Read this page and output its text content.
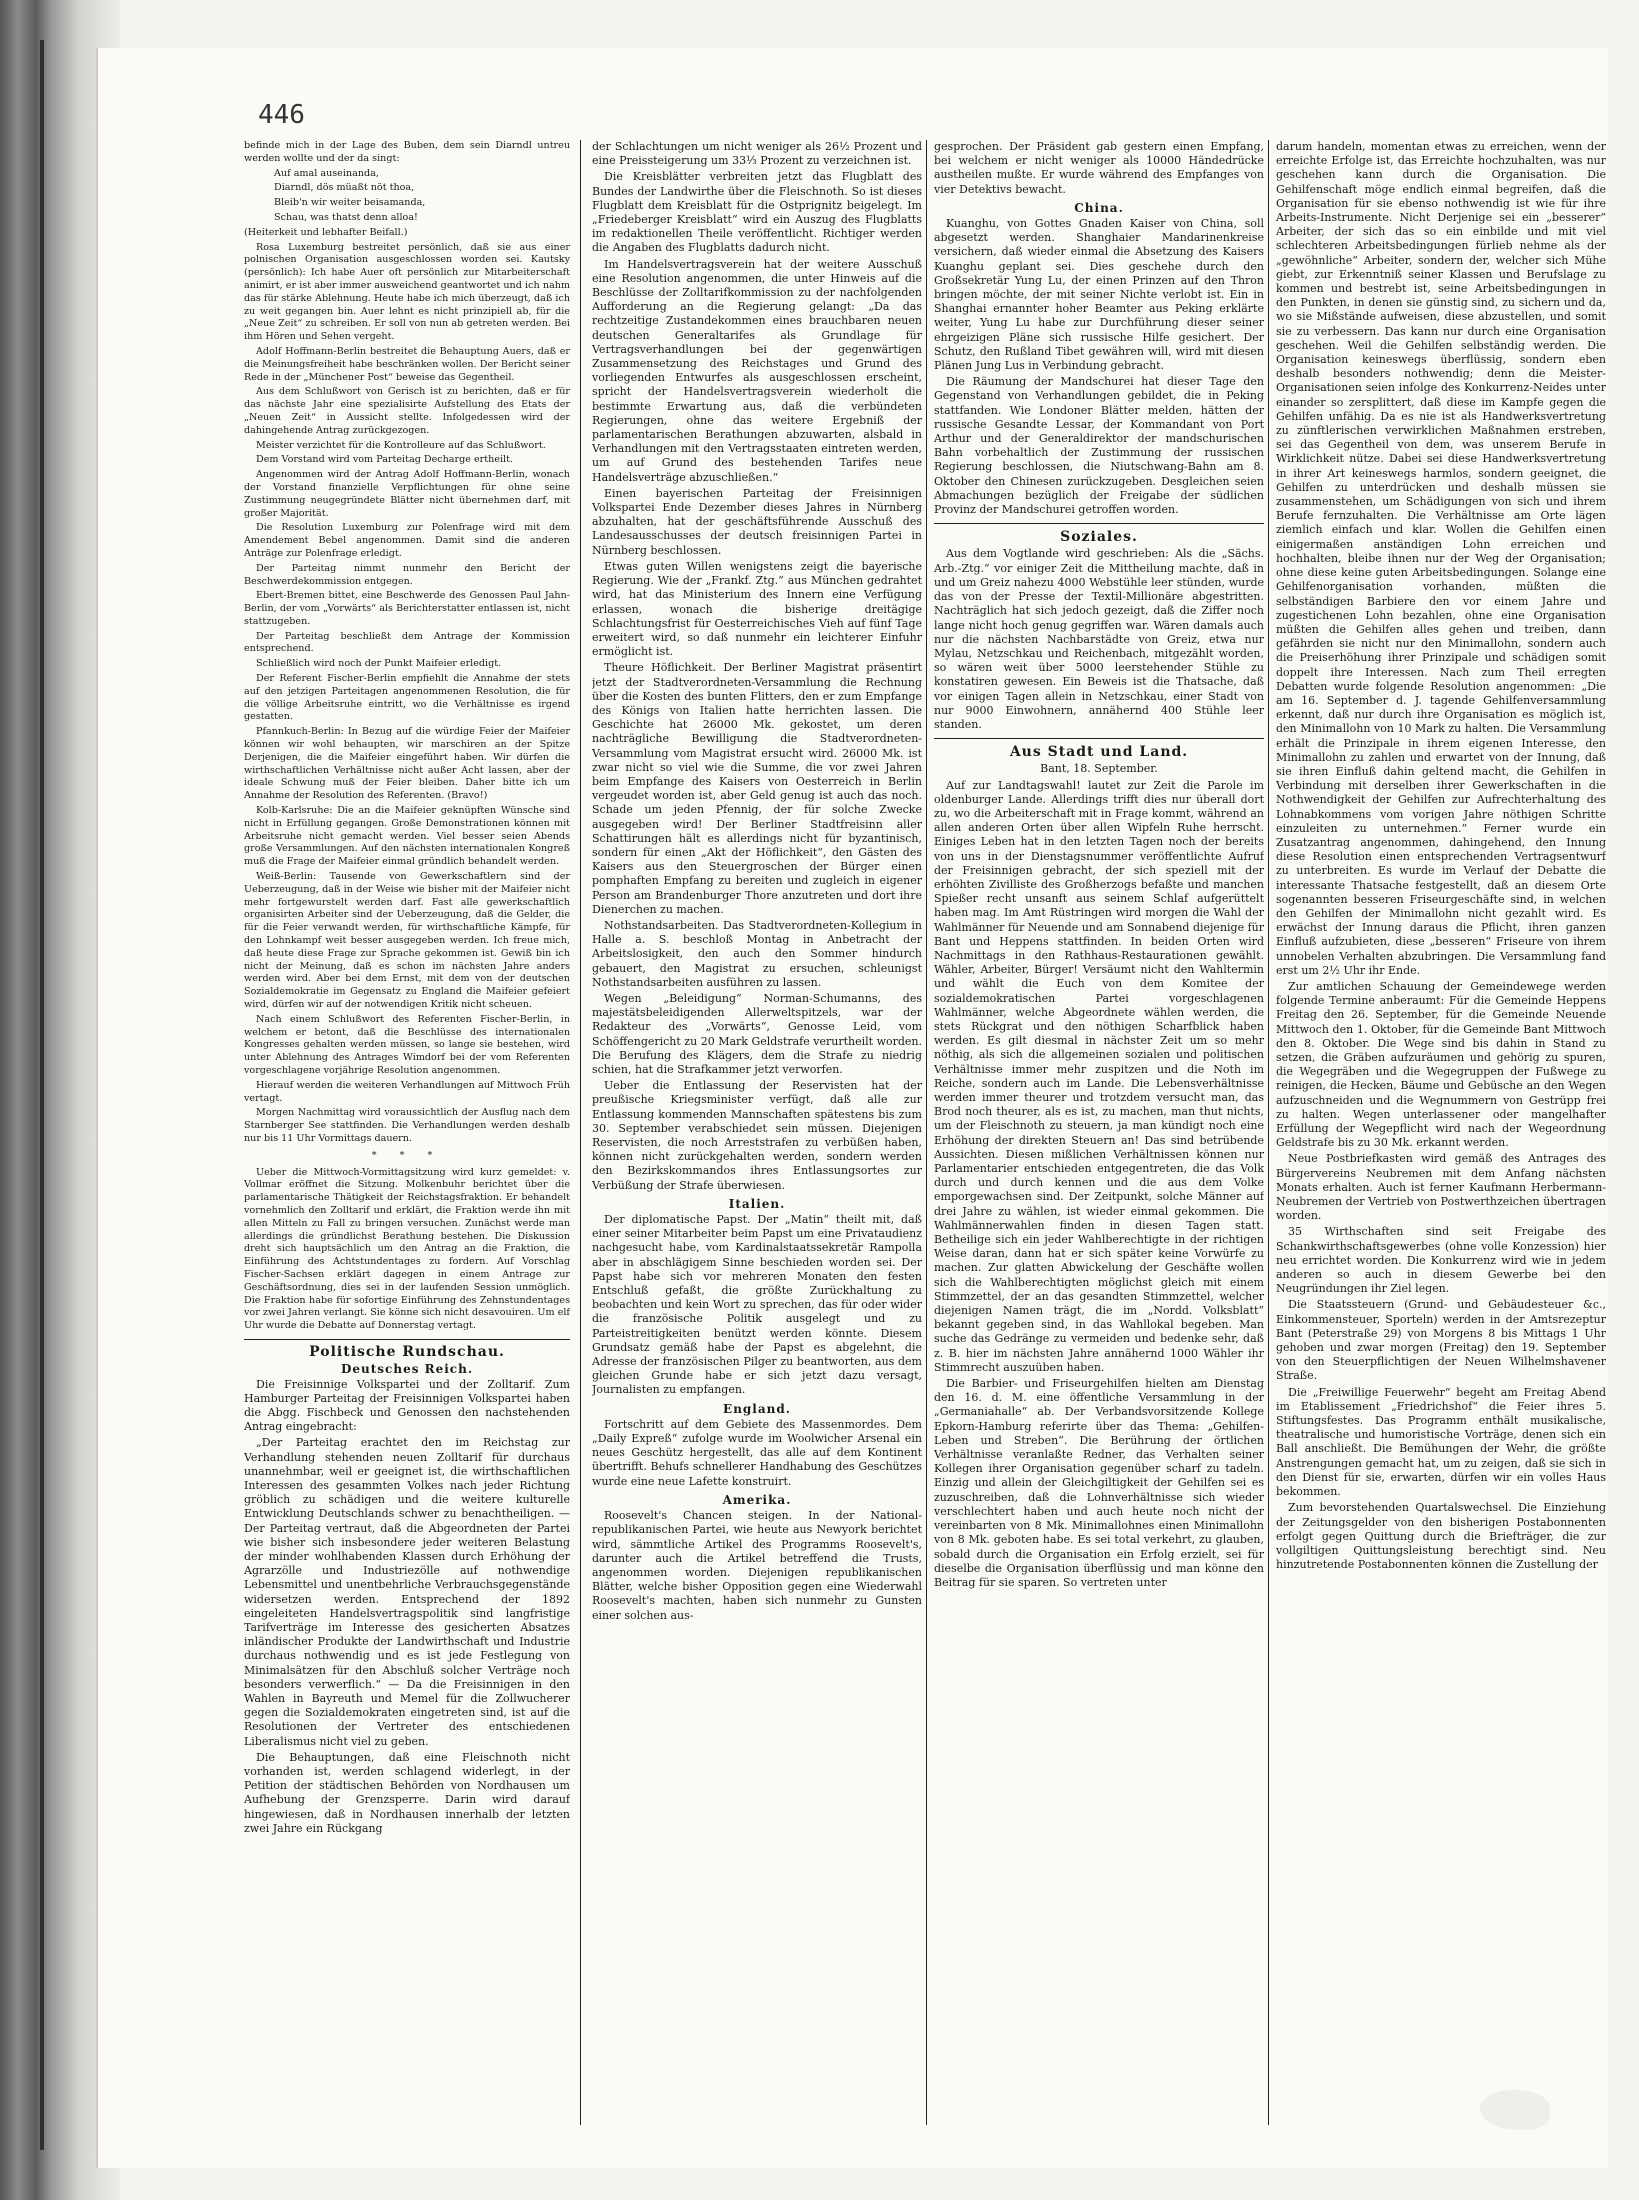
446

befinde mich in der Lage des Buben, dem sein Diarndl untreu werden wollte und der da singt:

Auf amal auseinanda,

Diarndl, dös müaßt nöt thoa,

Bleib'n wir weiter beisamanda,

Schau, was thatst denn alloa!

(Heiterkeit und lebhafter Beifall.)

Rosa Luxemburg bestreitet persönlich, daß sie aus einer polnischen Organisation ausgeschlossen worden sei. Kautsky (persönlich): Ich habe Auer oft persönlich zur Mitarbeiterschaft animirt, er ist aber immer ausweichend geantwortet und ich nahm das für stärke Ablehnung. Heute habe ich mich überzeugt, daß ich zu weit gegangen bin. Auer lehnt es nicht prinzipiell ab, für die „Neue Zeit“ zu schreiben. Er soll von nun ab getreten werden. Bei ihm Hören und Sehen vergeht.

Adolf Hoffmann-Berlin bestreitet die Behauptung Auers, daß er die Meinungsfreiheit habe beschränken wollen. Der Bericht seiner Rede in der „Münchener Post“ beweise das Gegentheil.

Aus dem Schlußwort von Gerisch ist zu berichten, daß er für das nächste Jahr eine spezialisirte Aufstellung des Etats der „Neuen Zeit“ in Aussicht stellte. Infolgedessen wird der dahingehende Antrag zurückgezogen.

Meister verzichtet für die Kontrolleure auf das Schlußwort.

Dem Vorstand wird vom Parteitag Decharge ertheilt.

Angenommen wird der Antrag Adolf Hoffmann-Berlin, wonach der Vorstand finanzielle Verpflichtungen für ohne seine Zustimmung neugegründete Blätter nicht übernehmen darf, mit großer Majorität.

Die Resolution Luxemburg zur Polenfrage wird mit dem Amendement Bebel angenommen. Damit sind die anderen Anträge zur Polenfrage erledigt.

Der Parteitag nimmt nunmehr den Bericht der Beschwerdekommission entgegen.

Ebert-Bremen bittet, eine Beschwerde des Genossen Paul Jahn-Berlin, der vom „Vorwärts“ als Berichterstatter entlassen ist, nicht stattzugeben.

Der Parteitag beschließt dem Antrage der Kommission entsprechend.

Schließlich wird noch der Punkt Maifeier erledigt.

Der Referent Fischer-Berlin empfiehlt die Annahme der stets auf den jetzigen Parteitagen angenommenen Resolution, die für die völlige Arbeitsruhe eintritt, wo die Verhältnisse es irgend gestatten.

Pfannkuch-Berlin: In Bezug auf die würdige Feier der Maifeier können wir wohl behaupten, wir marschiren an der Spitze Derjenigen, die die Maifeier eingeführt haben. Wir dürfen die wirthschaftlichen Verhältnisse nicht außer Acht lassen, aber der ideale Schwung muß der Feier bleiben. Daher bitte ich um Annahme der Resolution des Referenten. (Bravo!)

Kolb-Karlsruhe: Die an die Maifeier geknüpften Wünsche sind nicht in Erfüllung gegangen. Große Demonstrationen können mit Arbeitsruhe nicht gemacht werden. Viel besser seien Abends große Versammlungen. Auf den nächsten internationalen Kongreß muß die Frage der Maifeier einmal gründlich behandelt werden.

Weiß-Berlin: Tausende von Gewerkschaftlern sind der Ueberzeugung, daß in der Weise wie bisher mit der Maifeier nicht mehr fortgewurstelt werden darf. Fast alle gewerkschaftlich organisirten Arbeiter sind der Ueberzeugung, daß die Gelder, die für die Feier verwandt werden, für wirthschaftliche Kämpfe, für den Lohnkampf weit besser ausgegeben werden. Ich freue mich, daß heute diese Frage zur Sprache gekommen ist. Gewiß bin ich nicht der Meinung, daß es schon im nächsten Jahre anders werden wird. Aber bei dem Ernst, mit dem von der deutschen Sozialdemokratie im Gegensatz zu England die Maifeier gefeiert wird, dürfen wir auf der notwendigen Kritik nicht scheuen.

Nach einem Schlußwort des Referenten Fischer-Berlin, in welchem er betont, daß die Beschlüsse des internationalen Kongresses gehalten werden müssen, so lange sie bestehen, wird unter Ablehnung des Antrages Wimdorf bei der vom Referenten vorgeschlagene vorjährige Resolution angenommen.

Hierauf werden die weiteren Verhandlungen auf Mittwoch Früh vertagt.

Morgen Nachmittag wird voraussichtlich der Ausflug nach dem Starnberger See stattfinden. Die Verhandlungen werden deshalb nur bis 11 Uhr Vormittags dauern.

* * *

Ueber die Mittwoch-Vormittagsitzung wird kurz gemeldet: v. Vollmar eröffnet die Sitzung. Molkenbuhr berichtet über die parlamentarische Thätigkeit der Reichstagsfraktion. Er behandelt vornehmlich den Zolltarif und erklärt, die Fraktion werde ihn mit allen Mitteln zu Fall zu bringen versuchen. Zunächst werde man allerdings die gründlichst Berathung bestehen. Die Diskussion dreht sich hauptsächlich um den Antrag an die Fraktion, die Einführung des Achtstundentages zu fordern. Auf Vorschlag Fischer-Sachsen erklärt dagegen in einem Antrage zur Geschäftsordnung, dies sei in der laufenden Session unmöglich. Die Fraktion habe für sofortige Einführung des Zehnstundentages vor zwei Jahren verlangt. Sie könne sich nicht desavouiren. Um elf Uhr wurde die Debatte auf Donnerstag vertagt.

Politische Rundschau.
Deutsches Reich.

Die Freisinnige Volkspartei und der Zolltarif. Zum Hamburger Parteitag der Freisinnigen Volkspartei haben die Abgg. Fischbeck und Genossen den nachstehenden Antrag eingebracht:

„Der Parteitag erachtet den im Reichstag zur Verhandlung stehenden neuen Zolltarif für durchaus unannehmbar, weil er geeignet ist, die wirthschaftlichen Interessen des gesammten Volkes nach jeder Richtung gröblich zu schädigen und die weitere kulturelle Entwicklung Deutschlands schwer zu benachtheiligen. — Der Parteitag vertraut, daß die Abgeordneten der Partei wie bisher sich insbesondere jeder weiteren Belastung der minder wohlhabenden Klassen durch Erhöhung der Agrarzölle und Industriezölle auf nothwendige Lebensmittel und unentbehrliche Verbrauchsgegenstände widersetzen werden. Entsprechend der 1892 eingeleiteten Handelsvertragspolitik sind langfristige Tarifverträge im Interesse des gesicherten Absatzes inländischer Produkte der Landwirthschaft und Industrie durchaus nothwendig und es ist jede Festlegung von Minimalsätzen für den Abschluß solcher Verträge noch besonders verwerflich.“ — Da die Freisinnigen in den Wahlen in Bayreuth und Memel für die Zollwucherer gegen die Sozialdemokraten eingetreten sind, ist auf die Resolutionen der Vertreter des entschiedenen Liberalismus nicht viel zu geben.

Die Behauptungen, daß eine Fleischnoth nicht vorhanden ist, werden schlagend widerlegt, in der Petition der städtischen Behörden von Nordhausen um Aufhebung der Grenzsperre. Darin wird darauf hingewiesen, daß in Nordhausen innerhalb der letzten zwei Jahre ein Rückgang

der Schlachtungen um nicht weniger als 26½ Prozent und eine Preissteigerung um 33⅓ Prozent zu verzeichnen ist.

Die Kreisblätter verbreiten jetzt das Flugblatt des Bundes der Landwirthe über die Fleischnoth. So ist dieses Flugblatt dem Kreisblatt für die Ostprignitz beigelegt. Im „Friedeberger Kreisblatt“ wird ein Auszug des Flugblatts im redaktionellen Theile veröffentlicht. Richtiger werden die Angaben des Flugblatts dadurch nicht.

Im Handelsvertragsverein hat der weitere Ausschuß eine Resolution angenommen, die unter Hinweis auf die Beschlüsse der Zolltarifkommission zu der nachfolgenden Aufforderung an die Regierung gelangt: „Da das rechtzeitige Zustandekommen eines brauchbaren neuen deutschen Generaltarifes als Grundlage für Vertragsverhandlungen bei der gegenwärtigen Zusammensetzung des Reichstages und Grund des vorliegenden Entwurfes als ausgeschlossen erscheint, spricht der Handelsvertragsverein wiederholt die bestimmte Erwartung aus, daß die verbündeten Regierungen, ohne das weitere Ergebniß der parlamentarischen Berathungen abzuwarten, alsbald in Verhandlungen mit den Vertragsstaaten eintreten werden, um auf Grund des bestehenden Tarifes neue Handelsverträge abzuschließen.“

Einen bayerischen Parteitag der Freisinnigen Volkspartei Ende Dezember dieses Jahres in Nürnberg abzuhalten, hat der geschäftsführende Ausschuß des Landesausschusses der deutsch freisinnigen Partei in Nürnberg beschlossen.

Etwas guten Willen wenigstens zeigt die bayerische Regierung. Wie der „Frankf. Ztg.“ aus München gedrahtet wird, hat das Ministerium des Innern eine Verfügung erlassen, wonach die bisherige dreitägige Schlachtungsfrist für Oesterreichisches Vieh auf fünf Tage erweitert wird, so daß nunmehr ein leichterer Einfuhr ermöglicht ist.

Theure Höflichkeit. Der Berliner Magistrat präsentirt jetzt der Stadtverordneten-Versammlung die Rechnung über die Kosten des bunten Flitters, den er zum Empfange des Königs von Italien hatte herrichten lassen. Die Geschichte hat 26000 Mk. gekostet, um deren nachträgliche Bewilligung die Stadtverordneten-Versammlung vom Magistrat ersucht wird. 26000 Mk. ist zwar nicht so viel wie die Summe, die vor zwei Jahren beim Empfange des Kaisers von Oesterreich in Berlin vergeudet worden ist, aber Geld genug ist auch das noch. Schade um jeden Pfennig, der für solche Zwecke ausgegeben wird! Der Berliner Stadtfreisinn aller Schattirungen hält es allerdings nicht für byzantinisch, sondern für einen „Akt der Höflichkeit“, den Gästen des Kaisers aus den Steuergroschen der Bürger einen pomphaften Empfang zu bereiten und zugleich in eigener Person am Brandenburger Thore anzutreten und dort ihre Dienerchen zu machen.

Nothstandsarbeiten. Das Stadtverordneten-Kollegium in Halle a. S. beschloß Montag in Anbetracht der Arbeitslosigkeit, den auch den Sommer hindurch gebauert, den Magistrat zu ersuchen, schleunigst Nothstandsarbeiten ausführen zu lassen.

Wegen „Beleidigung“ Norman-Schumanns, des majestätsbeleidigenden Allerweltspitzels, war der Redakteur des „Vorwärts“, Genosse Leid, vom Schöffengericht zu 20 Mark Geldstrafe verurtheilt worden. Die Berufung des Klägers, dem die Strafe zu niedrig schien, hat die Strafkammer jetzt verworfen.

Ueber die Entlassung der Reservisten hat der preußische Kriegsminister verfügt, daß alle zur Entlassung kommenden Mannschaften spätestens bis zum 30. September verabschiedet sein müssen. Diejenigen Reservisten, die noch Arreststrafen zu verbüßen haben, können nicht zurückgehalten werden, sondern werden den Bezirkskommandos ihres Entlassungsortes zur Verbüßung der Strafe überwiesen.

Italien.

Der diplomatische Papst. Der „Matin“ theilt mit, daß einer seiner Mitarbeiter beim Papst um eine Privataudienz nachgesucht habe, vom Kardinalstaatssekretär Rampolla aber in abschlägigem Sinne beschieden worden sei. Der Papst habe sich vor mehreren Monaten den festen Entschluß gefaßt, die größte Zurückhaltung zu beobachten und kein Wort zu sprechen, das für oder wider die französische Politik ausgelegt und zu Parteistreitigkeiten benützt werden könnte. Diesem Grundsatz gemäß habe der Papst es abgelehnt, die Adresse der französischen Pilger zu beantworten, aus dem gleichen Grunde habe er sich jetzt dazu versagt, Journalisten zu empfangen.

England.

Fortschritt auf dem Gebiete des Massenmordes. Dem „Daily Expreß“ zufolge wurde im Woolwicher Arsenal ein neues Geschütz hergestellt, das alle auf dem Kontinent übertrifft. Behufs schnellerer Handhabung des Geschützes wurde eine neue Lafette konstruirt.

Amerika.

Roosevelt's Chancen steigen. In der National-republikanischen Partei, wie heute aus Newyork berichtet wird, sämmtliche Artikel des Programms Roosevelt's, darunter auch die Artikel betreffend die Trusts, angenommen worden. Diejenigen republikanischen Blätter, welche bisher Opposition gegen eine Wiederwahl Roosevelt's machten, haben sich nunmehr zu Gunsten einer solchen aus-

gesprochen. Der Präsident gab gestern einen Empfang, bei welchem er nicht weniger als 10000 Händedrücke austheilen mußte. Er wurde während des Empfanges von vier Detektivs bewacht.

China.

Kuanghu, von Gottes Gnaden Kaiser von China, soll abgesetzt werden. Shanghaier Mandarinenkreise versichern, daß wieder einmal die Absetzung des Kaisers Kuanghu geplant sei. Dies geschehe durch den Großsekretär Yung Lu, der einen Prinzen auf den Thron bringen möchte, der mit seiner Nichte verlobt ist. Ein in Shanghai ernannter hoher Beamter aus Peking erklärte weiter, Yung Lu habe zur Durchführung dieser seiner ehrgeizigen Pläne sich russische Hilfe gesichert. Der Schutz, den Rußland Tibet gewähren will, wird mit diesen Plänen Jung Lus in Verbindung gebracht.

Die Räumung der Mandschurei hat dieser Tage den Gegenstand von Verhandlungen gebildet, die in Peking stattfanden. Wie Londoner Blätter melden, hätten der russische Gesandte Lessar, der Kommandant von Port Arthur und der Generaldirektor der mandschurischen Bahn vorbehaltlich der Zustimmung der russischen Regierung beschlossen, die Niutschwang-Bahn am 8. Oktober den Chinesen zurückzugeben. Desgleichen seien Abmachungen bezüglich der Freigabe der südlichen Provinz der Mandschurei getroffen worden.

Soziales.

Aus dem Vogtlande wird geschrieben: Als die „Sächs. Arb.-Ztg.“ vor einiger Zeit die Mittheilung machte, daß in und um Greiz nahezu 4000 Webstühle leer stünden, wurde das von der Presse der Textil-Millionäre abgestritten. Nachträglich hat sich jedoch gezeigt, daß die Ziffer noch lange nicht hoch genug gegriffen war. Wären damals auch nur die nächsten Nachbarstädte von Greiz, etwa nur Mylau, Netzschkau und Reichenbach, mitgezählt worden, so wären weit über 5000 leerstehender Stühle zu konstatiren gewesen. Ein Beweis ist die Thatsache, daß vor einigen Tagen allein in Netzschkau, einer Stadt von nur 9000 Einwohnern, annähernd 400 Stühle leer standen.

Aus Stadt und Land.

Bant, 18. September.

Auf zur Landtagswahl! lautet zur Zeit die Parole im oldenburger Lande. Allerdings trifft dies nur überall dort zu, wo die Arbeiterschaft mit in Frage kommt, während an allen anderen Orten über allen Wipfeln Ruhe herrscht. Einiges Leben hat in den letzten Tagen noch der bereits von uns in der Dienstagsnummer veröffentlichte Aufruf der Freisinnigen gebracht, der sich speziell mit der erhöhten Zivilliste des Großherzogs befaßte und manchen Spießer recht unsanft aus seinem Schlaf aufgerüttelt haben mag. Im Amt Rüstringen wird morgen die Wahl der Wahlmänner für Neuende und am Sonnabend diejenige für Bant und Heppens stattfinden. In beiden Orten wird Nachmittags in den Rathhaus-Restaurationen gewählt. Wähler, Arbeiter, Bürger! Versäumt nicht den Wahltermin und wählt die Euch von dem Komitee der sozialdemokratischen Partei vorgeschlagenen Wahlmänner, welche Abgeordnete wählen werden, die stets Rückgrat und den nöthigen Scharfblick haben werden. Es gilt diesmal in nächster Zeit um so mehr nöthig, als sich die allgemeinen sozialen und politischen Verhältnisse immer mehr zuspitzen und die Noth im Reiche, sondern auch im Lande. Die Lebensverhältnisse werden immer theurer und trotzdem versucht man, das Brod noch theurer, als es ist, zu machen, man thut nichts, um der Fleischnoth zu steuern, ja man kündigt noch eine Erhöhung der direkten Steuern an! Das sind betrübende Aussichten. Diesen mißlichen Verhältnissen können nur Parlamentarier entschieden entgegentreten, die das Volk durch und durch kennen und die aus dem Volke emporgewachsen sind. Der Zeitpunkt, solche Männer auf drei Jahre zu wählen, ist wieder einmal gekommen. Die Wahlmännerwahlen finden in diesen Tagen statt. Betheilige sich ein jeder Wahlberechtigte in der richtigen Weise daran, dann hat er sich später keine Vorwürfe zu machen. Zur glatten Abwickelung der Geschäfte wollen sich die Wahlberechtigten möglichst gleich mit einem Stimmzettel, der an das gesandten Stimmzettel, welcher diejenigen Namen trägt, die im „Nordd. Volksblatt“ bekannt gegeben sind, in das Wahllokal begeben. Man suche das Gedränge zu vermeiden und bedenke sehr, daß z. B. hier im nächsten Jahre annähernd 1000 Wähler ihr Stimmrecht auszuüben haben.

Die Barbier- und Friseurgehilfen hielten am Dienstag den 16. d. M. eine öffentliche Versammlung in der „Germaniahalle“ ab. Der Verbandsvorsitzende Kollege Epkorn-Hamburg referirte über das Thema: „Gehilfen-Leben und Streben“. Die Berührung der örtlichen Verhältnisse veranlaßte Redner, das Verhalten seiner Kollegen ihrer Organisation gegenüber scharf zu tadeln. Einzig und allein der Gleichgiltigkeit der Gehilfen sei es zuzuschreiben, daß die Lohnverhältnisse sich wieder verschlechtert haben und auch heute noch nicht der vereinbarten von 8 Mk. Minimallohnes einen Minimallohn von 8 Mk. geboten habe. Es sei total verkehrt, zu glauben, sobald durch die Organisation ein Erfolg erzielt, sei für dieselbe die Organisation überflüssig und man könne den Beitrag für sie sparen. So vertreten unter

darum handeln, momentan etwas zu erreichen, wenn der erreichte Erfolge ist, das Erreichte hochzuhalten, was nur geschehen kann durch die Organisation. Die Gehilfenschaft möge endlich einmal begreifen, daß die Organisation für sie ebenso nothwendig ist wie für ihre Arbeits-Instrumente. Nicht Derjenige sei ein „besserer“ Arbeiter, der sich das so ein einbilde und mit viel schlechteren Arbeitsbedingungen fürlieb nehme als der „gewöhnliche“ Arbeiter, sondern der, welcher sich Mühe giebt, zur Erkenntniß seiner Klassen und Berufslage zu kommen und bestrebt ist, seine Arbeitsbedingungen in den Punkten, in denen sie günstig sind, zu sichern und da, wo sie Mißstände aufweisen, diese abzustellen, und somit sie zu verbessern. Das kann nur durch eine Organisation geschehen. Weil die Gehilfen selbständig werden. Die Organisation keineswegs überflüssig, sondern eben deshalb besonders nothwendig; denn die Meister-Organisationen seien infolge des Konkurrenz-Neides unter einander so zersplittert, daß diese im Kampfe gegen die Gehilfen unfähig. Da es nie ist als Handwerksvertretung zu zünftlerischen verwirklichen Maßnahmen erstreben, sei das Gegentheil von dem, was unserem Berufe in Wirklichkeit nütze. Dabei sei diese Handwerksvertretung in ihrer Art keineswegs harmlos, sondern geeignet, die Gehilfen zu unterdrücken und deshalb müssen sie zusammenstehen, um Schädigungen von sich und ihrem Berufe fernzuhalten. Die Verhältnisse am Orte lägen ziemlich einfach und klar. Wollen die Gehilfen einen einigermaßen anständigen Lohn erreichen und hochhalten, bleibe ihnen nur der Weg der Organisation; ohne diese keine guten Arbeitsbedingungen. Solange eine Gehilfenorganisation vorhanden, müßten die selbständigen Barbiere den vor einem Jahre und zugestichenen Lohn bezahlen, ohne eine Organisation müßten die Gehilfen alles gehen und treiben, dann gefährden sie nicht nur den Minimallohn, sondern auch die Preiserhöhung ihrer Prinzipale und schädigen somit doppelt ihre Interessen. Nach zum Theil erregten Debatten wurde folgende Resolution angenommen: „Die am 16. September d. J. tagende Gehilfenversammlung erkennt, daß nur durch ihre Organisation es möglich ist, den Minimallohn von 10 Mark zu halten. Die Versammlung erhält die Prinzipale in ihrem eigenen Interesse, den Minimallohn zu zahlen und erwartet von der Innung, daß sie ihren Einfluß dahin geltend macht, die Gehilfen in Verbindung mit derselben ihrer Gewerkschaften in die Nothwendigkeit der Gehilfen zur Aufrechterhaltung des Lohnabkommens vom vorigen Jahre nöthigen Schritte einzuleiten zu unternehmen.“ Ferner wurde ein Zusatzantrag angenommen, dahingehend, den Innung diese Resolution einen entsprechenden Vertragsentwurf zu unterbreiten. Es wurde im Verlauf der Debatte die interessante Thatsache festgestellt, daß an diesem Orte sogenannten besseren Friseurgeschäfte sind, in welchen den Gehilfen der Minimallohn nicht gezahlt wird. Es erwächst der Innung daraus die Pflicht, ihren ganzen Einfluß aufzubieten, diese „besseren“ Friseure von ihrem unnobelen Verhalten abzubringen. Die Versammlung fand erst um 2½ Uhr ihr Ende.

Zur amtlichen Schauung der Gemeindewege werden folgende Termine anberaumt: Für die Gemeinde Heppens Freitag den 26. September, für die Gemeinde Neuende Mittwoch den 1. Oktober, für die Gemeinde Bant Mittwoch den 8. Oktober. Die Wege sind bis dahin in Stand zu setzen, die Gräben aufzuräumen und gehörig zu spuren, die Wegegräben und die Wegegruppen der Fußwege zu reinigen, die Hecken, Bäume und Gebüsche an den Wegen aufzuschneiden und die Wegnummern von Gestrüpp frei zu halten. Wegen unterlassener oder mangelhafter Erfüllung der Wegepflicht wird nach der Wegeordnung Geldstrafe bis zu 30 Mk. erkannt werden.

Neue Postbriefkasten wird gemäß des Antrages des Bürgervereins Neubremen mit dem Anfang nächsten Monats erhalten. Auch ist ferner Kaufmann Herbermann-Neubremen der Vertrieb von Postwerthzeichen übertragen worden.

35 Wirthschaften sind seit Freigabe des Schankwirthschaftsgewerbes (ohne volle Konzession) hier neu errichtet worden. Die Konkurrenz wird wie in jedem anderen so auch in diesem Gewerbe bei den Neugründungen ihr Ziel legen.

Die Staatssteuern (Grund- und Gebäudesteuer &c., Einkommensteuer, Sporteln) werden in der Amtsrezeptur Bant (Peterstraße 29) von Morgens 8 bis Mittags 1 Uhr gehoben und zwar morgen (Freitag) den 19. September von den Steuerpflichtigen der Neuen Wilhelmshavener Straße.

Die „Freiwillige Feuerwehr“ begeht am Freitag Abend im Etablissement „Friedrichshof“ die Feier ihres 5. Stiftungsfestes. Das Programm enthält musikalische, theatralische und humoristische Vorträge, denen sich ein Ball anschließt. Die Bemühungen der Wehr, die größte Anstrengungen gemacht hat, um zu zeigen, daß sie sich in den Dienst für sie, erwarten, dürfen wir ein volles Haus bekommen.

Zum bevorstehenden Quartalswechsel. Die Einziehung der Zeitungsgelder von den bisherigen Postabonnenten erfolgt gegen Quittung durch die Briefträger, die zur vollgiltigen Quittungsleistung berechtigt sind. Neu hinzutretende Postabonnenten können die Zustellung der
